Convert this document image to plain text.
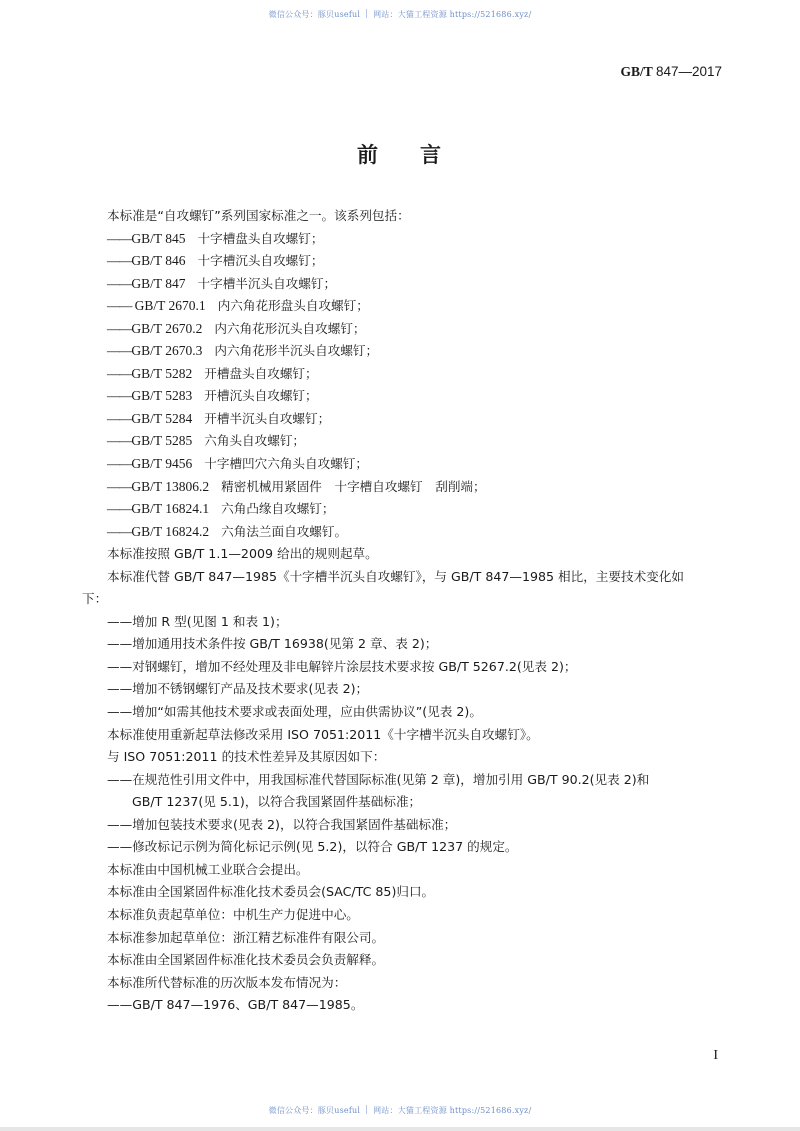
微信公众号：豚贝useful 网站：大猫工程资源 https://521686.xyz/
GB/T 847—2017
前 言
本标准是“自攻螺钉”系列国家标准之一。该系列包括：
——GB/T 845 十字槽盘头自攻螺钉；
——GB/T 846 十字槽沉头自攻螺钉；
——GB/T 847 十字槽半沉头自攻螺钉；
—— GB/T 2670.1 内六角花形盘头自攻螺钉；
——GB/T 2670.2 内六角花形沉头自攻螺钉；
——GB/T 2670.3 内六角花形半沉头自攻螺钉；
——GB/T 5282 开槽盘头自攻螺钉；
——GB/T 5283 开槽沉头自攻螺钉；
——GB/T 5284 开槽半沉头自攻螺钉；
——GB/T 5285 六角头自攻螺钉；
——GB/T 9456 十字槽凹穴六角头自攻螺钉；
——GB/T 13806.2 精密机械用紧固件　十字槽自攻螺钉　刮削端；
——GB/T 16824.1 六角凸缘自攻螺钉；
——GB/T 16824.2 六角法兰面自攻螺钉。
本标准按照 GB/T 1.1—2009 给出的规则起草。
本标准代替 GB/T 847—1985《十字槽半沉头自攻螺钉》，与 GB/T 847—1985 相比，主要技术变化如
下：
——增加 R 型(见图 1 和表 1)；
——增加通用技术条件按 GB/T 16938(见第 2 章、表 2)；
——对钢螺钉，增加不经处理及非电解锌片涂层技术要求按 GB/T 5267.2(见表 2)；
——增加不锈钢螺钉产品及技术要求(见表 2)；
——增加“如需其他技术要求或表面处理，应由供需协议”(见表 2)。
本标准使用重新起草法修改采用 ISO 7051:2011《十字槽半沉头自攻螺钉》。
与 ISO 7051:2011 的技术性差异及其原因如下：
——在规范性引用文件中，用我国标准代替国际标准(见第 2 章)，增加引用 GB/T 90.2(见表 2)和
GB/T 1237(见 5.1)，以符合我国紧固件基础标准；
——增加包装技术要求(见表 2)，以符合我国紧固件基础标准；
——修改标记示例为简化标记示例(见 5.2)，以符合 GB/T 1237 的规定。
本标准由中国机械工业联合会提出。
本标准由全国紧固件标准化技术委员会(SAC/TC 85)归口。
本标准负责起草单位：中机生产力促进中心。
本标准参加起草单位：浙江精艺标准件有限公司。
本标准由全国紧固件标准化技术委员会负责解释。
本标准所代替标准的历次版本发布情况为：
——GB/T 847—1976、GB/T 847—1985。
I
微信公众号：豚贝useful 网站：大猫工程资源 https://521686.xyz/
